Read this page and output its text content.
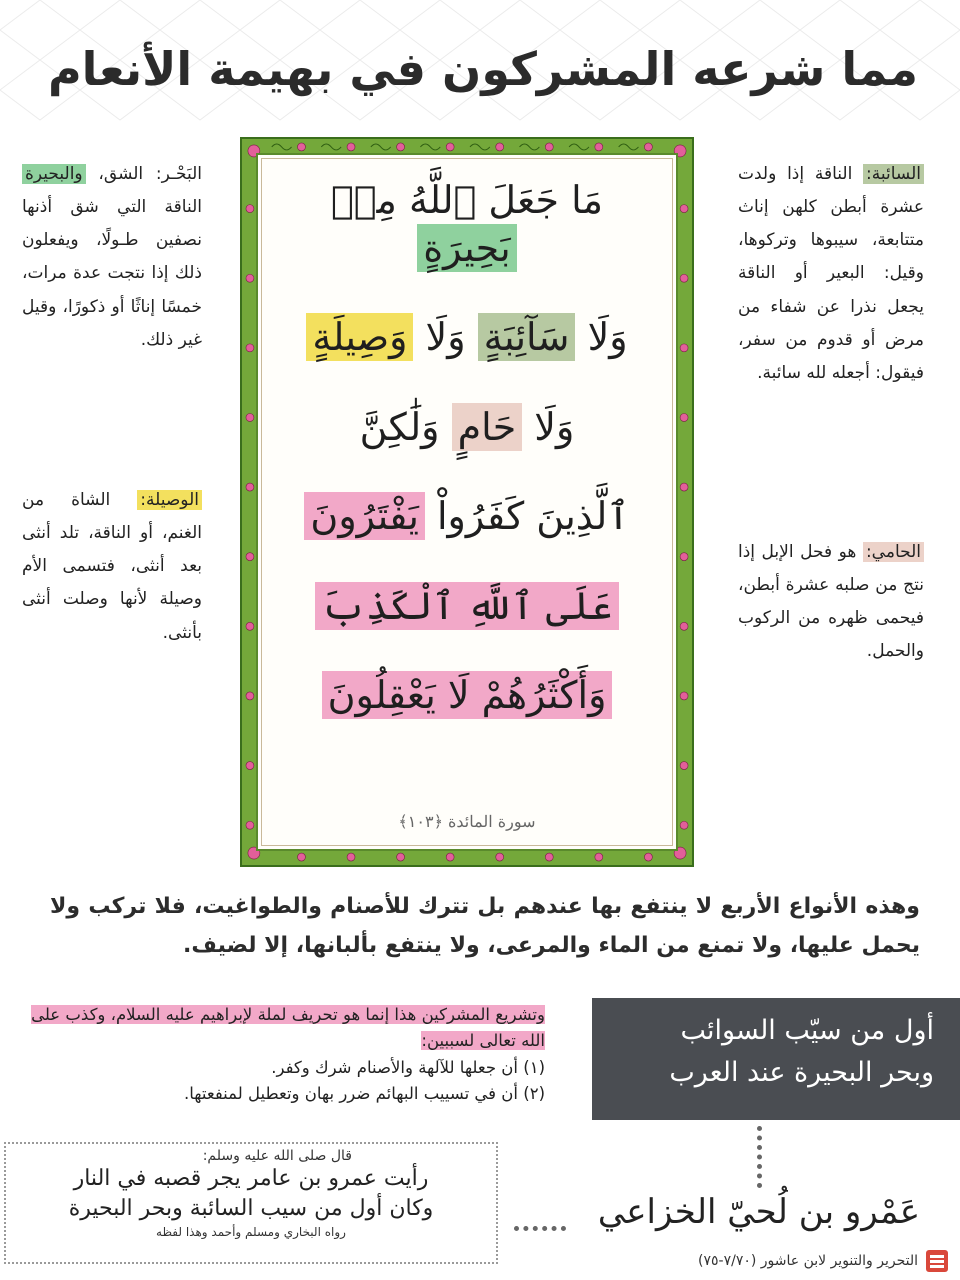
مما شرعه المشركون في بهيمة الأنعام
السائبة: الناقة إذا ولدت عشرة أبطن كلهن إناث متتابعة، سيبوها وتركوها، وقيل: البعير أو الناقة يجعل نذرا عن شفاء من مرض أو قدوم من سفر، فيقول: أجعله لله سائبة.
الحامي: هو فحل الإبل إذا نتج من صلبه عشرة أبطن، فيحمى ظهره من الركوب والحمل.
البَحْـر: الشق، والبحيرة الناقة التي شق أذنها نصفين طـولًا، ويفعلون ذلك إذا نتجت عدة مرات، خمسًا إناثًا أو ذكورًا، وقيل غير ذلك.
الوصيلة: الشاة من الغنم، أو الناقة، تلد أنثى بعد أنثى، فتسمى الأم وصيلة لأنها وصلت أنثى بأنثى.
مَا جَعَلَ ٱللَّهُ مِنۢ بَحِيرَةٍ
وَلَا سَآئِبَةٍ وَلَا وَصِيلَةٍ
وَلَا حَامٍ وَلَٰكِنَّ
ٱلَّذِينَ كَفَرُواْ يَفْتَرُونَ
عَلَى ٱللَّهِ ٱلْكَذِبَ
وَأَكْثَرُهُمْ لَا يَعْقِلُونَ
سورة المائدة ﴿١٠٣﴾
وهذه الأنواع الأربع لا ينتفع بها عندهم بل تترك للأصنام والطواغيت، فلا تركب ولا يحمل عليها، ولا تمنع من الماء والمرعى، ولا ينتفع بألبانها، إلا لضيف.
أول من سيّب السوائب
وبحر البحيرة عند العرب
وتشريع المشركين هذا إنما هو تحريف لملة لإبراهيم عليه السلام، وكذب على الله تعالى لسببين:
(١) أن جعلها للآلهة والأصنام شرك وكفر.
(٢) أن في تسييب البهائم ضرر بهان وتعطيل لمنفعتها.
قال صلى الله عليه وسلم:
رأيت عمرو بن عامر يجر قصبه في النار
وكان أول من سيب السائبة وبحر البحيرة
رواه البخاري ومسلم وأحمد وهذا لفظه
عَمْرو بن لُحيّ الخزاعي
التحرير والتنوير لابن عاشور (٧/٧٠-٧٥)
